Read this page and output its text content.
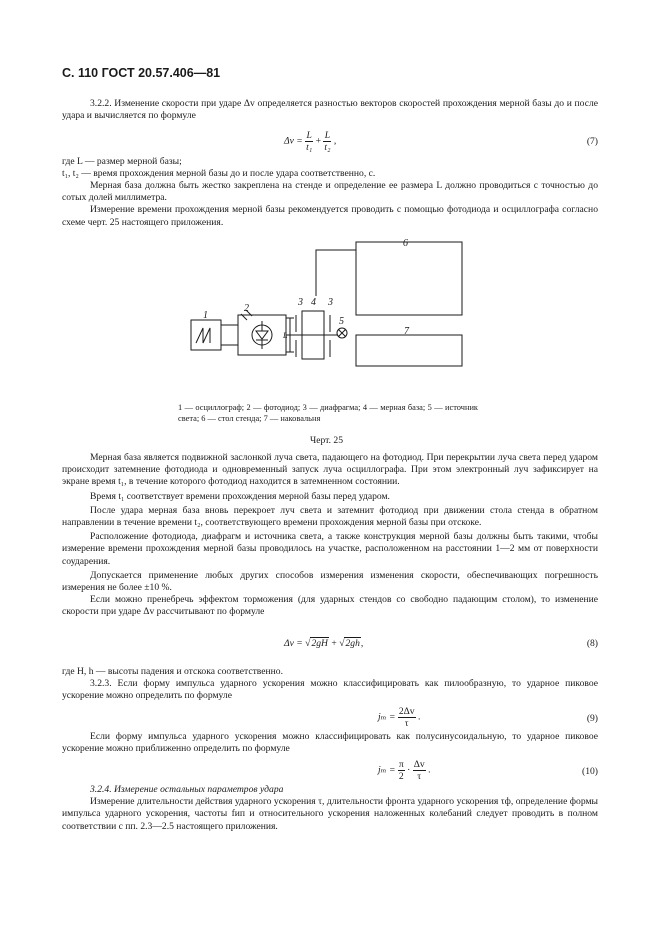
С. 110 ГОСТ 20.57.406—81

3.2.2. Изменение скорости при ударе Δv определяется разностью векторов скоростей прохождения мерной базы до и после удара и вычисляется по формуле

$\Delta v = \frac{L}{\text{t₁}} + \frac{L}{\text{t₂}}$ ,	(7)
где L — размер мерной базы;
t₁, t₂ — время прохождения мерной базы до и после удара соответственно, с.

Мерная база должна быть жестко закреплена на стенде и определение ее размера L должно проводиться с точностью до сотых долей миллиметра.

Измерение времени прохождения мерной базы рекомендуется проводить с помощью фотодиода и осциллографа согласно схеме черт. 25 настоящего приложения.

1
2
3 4 3
5
6
7
L
1 — осциллограф; 2 — фотодиод; 3 — диафрагма; 4 — мерная база; 5 — источник света; 6 — стол стенда; 7 — наковальня
Черт. 25

Мерная база является подвижной заслонкой луча света, падающего на фотодиод. При перекрытии луча света перед ударом происходит затемнение фотодиода и одновременный запуск луча осциллографа. При этом электронный луч зафиксирует на экране время t₁, в течение которого фотодиод находится в затемненном состоянии.

Время t₁ соответствует времени прохождения мерной базы перед ударом.

После удара мерная база вновь перекроет луч света и затемнит фотодиод при движении стола стенда в обратном направлении в течение времени t₂, соответствующего времени прохождения мерной базы при отскоке.

Расположение фотодиода, диафрагм и источника света, а также конструкция мерной базы должны быть такими, чтобы измерение времени прохождения мерной базы проводилось на участке, расположенном на расстоянии 1—2 мм от поверхности соударения.

Допускается применение любых других способов измерения изменения скорости, обеспечивающих погрешность измерения не более ±10 %.

Если можно пренебречь эффектом торможения (для ударных стендов со свободно падающим столом), то изменение скорости при ударе Δv рассчитывают по формуле

Δv = √2gH + √2gh,	(8)

где H, h — высоты падения и отскока соответственно.

3.2.3. Если форму импульса ударного ускорения можно классифицировать как пилообразную, то ударное пиковое ускорение можно определить по формуле

$j_m = \frac{2\Delta v}{\tau}$ .	(9)

Если форму импульса ударного ускорения можно классифицировать как полусинусоидальную, то ударное пиковое ускорение можно приближенно определить по формуле

$j_m = \frac{\pi}{2} \cdot \frac{\Delta v}{\tau}$ .	(10)

3.2.4. Измерение остальных параметров удара

Измерение длительности действия ударного ускорения τ, длительности фронта ударного ускорения τф, определение формы импульса ударного ускорения, частоты fип и относительного ускорения наложенных колебаний следует проводить в полном соответствии с пп. 2.3—2.5 настоящего приложения.
